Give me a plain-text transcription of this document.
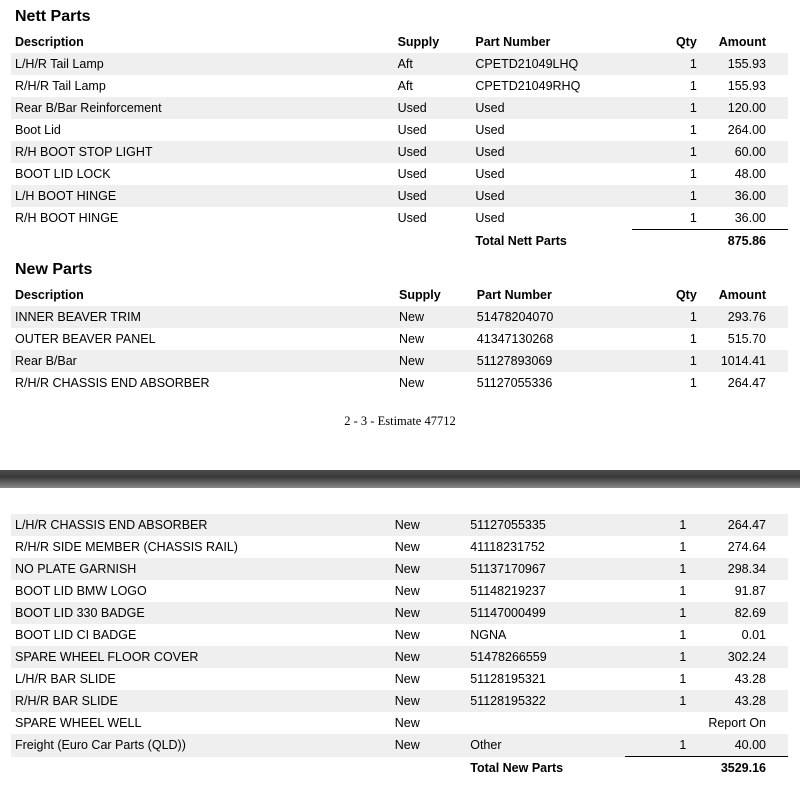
Nett Parts
Description	Supply	Part Number	Qty	Amount
L/H/R Tail Lamp	Aft	CPETD21049LHQ	1	155.93
R/H/R Tail Lamp	Aft	CPETD21049RHQ	1	155.93
Rear B/Bar Reinforcement	Used	Used	1	120.00
Boot Lid	Used	Used	1	264.00
R/H BOOT STOP LIGHT	Used	Used	1	60.00
BOOT LID LOCK	Used	Used	1	48.00
L/H BOOT HINGE	Used	Used	1	36.00
R/H BOOT HINGE	Used	Used	1	36.00
		Total Nett Parts		875.86
New Parts
Description	Supply	Part Number	Qty	Amount
INNER BEAVER TRIM	New	51478204070	1	293.76
OUTER BEAVER PANEL	New	41347130268	1	515.70
Rear B/Bar	New	51127893069	1	1014.41
R/H/R CHASSIS END ABSORBER	New	51127055336	1	264.47
2 - 3 - Estimate 47712
L/H/R CHASSIS END ABSORBER	New	51127055335	1	264.47
R/H/R SIDE MEMBER (CHASSIS RAIL)	New	41118231752	1	274.64
NO PLATE GARNISH	New	51137170967	1	298.34
BOOT LID BMW LOGO	New	51148219237	1	91.87
BOOT LID 330 BADGE	New	51147000499	1	82.69
BOOT LID CI BADGE	New	NGNA	1	0.01
SPARE WHEEL FLOOR COVER	New	51478266559	1	302.24
L/H/R BAR SLIDE	New	51128195321	1	43.28
R/H/R BAR SLIDE	New	51128195322	1	43.28
SPARE WHEEL WELL	New			Report On
Freight (Euro Car Parts (QLD))	New	Other	1	40.00
		Total New Parts		3529.16
